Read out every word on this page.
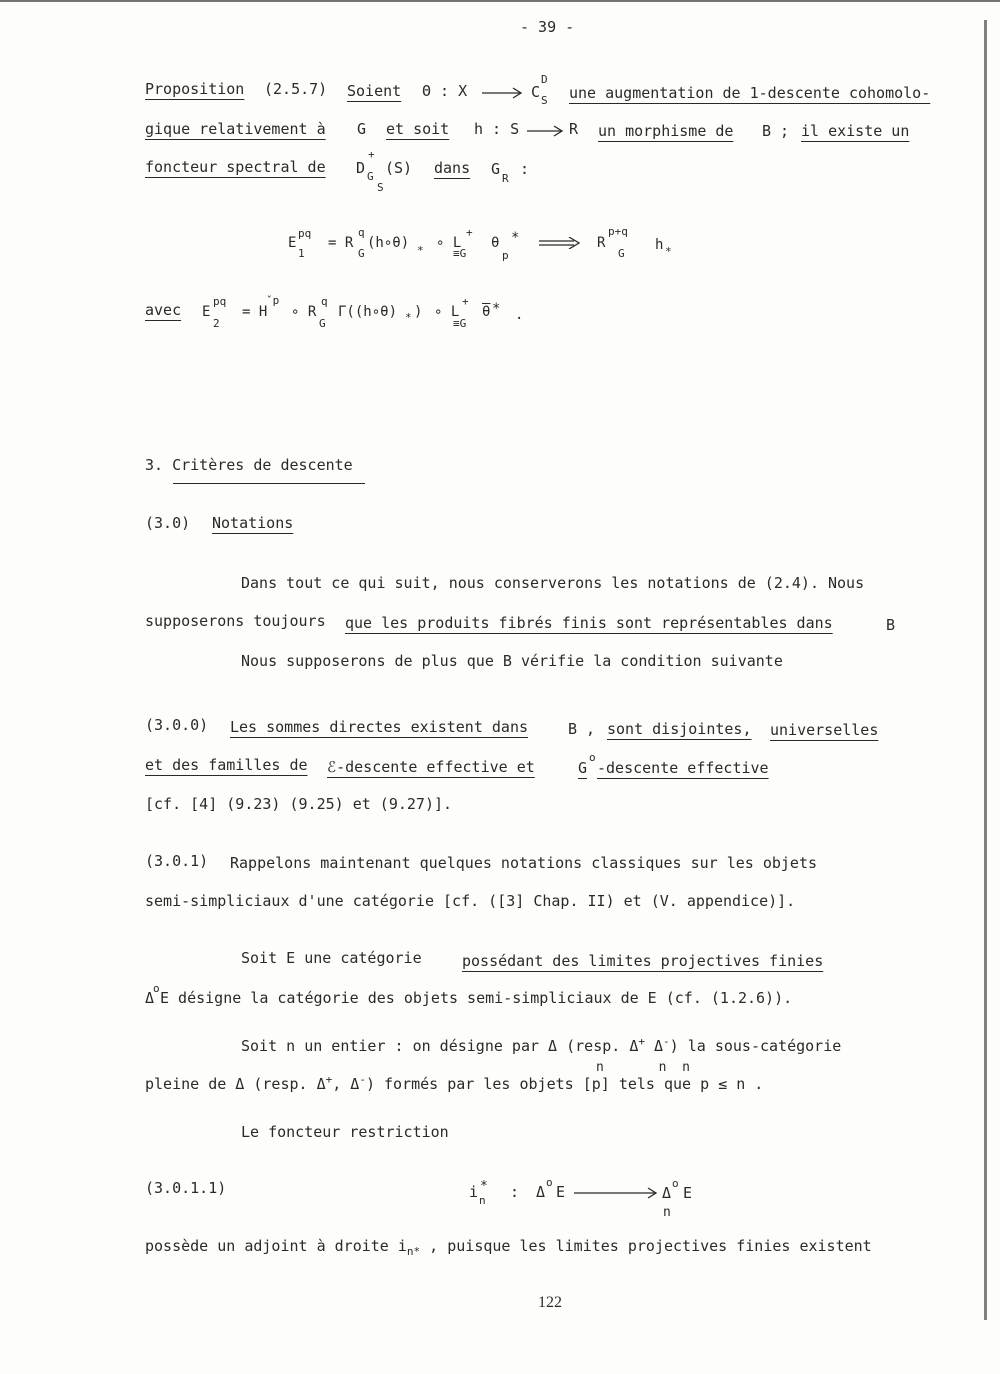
- 39 -
Proposition (2.5.7) Soient Θ : X	C
D
S une augmentation de 1-descente cohomolo-
gique relativement à G et soit h : S	R un morphisme de B ; il existe un
foncteur spectral de D
+
G
S
(S) dans G
R
:
E
pq
1
= R
q
G
(h∘θ) * ∘ L
+
≡G
θ
p
*	R
p+q
G
h *
avec E
pq
2
= H
ˇp
∘ R
q
G
Γ((h∘θ) * ) ∘ L
+
≡G
$\overline{\theta}$ * .
3. Critères de descente
(3.0) Notations
Dans tout ce qui suit, nous conserverons les notations de (2.4). Nous
supposerons toujours que les produits fibrés finis sont représentables dans	B
Nous supposerons de plus que B vérifie la condition suivante
(3.0.0) Les sommes directes existent dans	B , sont disjointes, universelles
et des familles de ℰ-descente effective et	G
o
-descente effective
[cf. [4] (9.23) (9.25) et (9.27)].
(3.0.1) Rappelons maintenant quelques notations classiques sur les objets
semi-simpliciaux d'une catégorie [cf. ([3] Chap. II) et (V. appendice)].
Soit E une catégorie	possédant des limites projectives finies
Δ
o
E désigne la catégorie des objets semi-simpliciaux de E (cf. (1.2.6)).
Soit n un entier : on désigne par Δ (resp. Δ+ Δ-) la sous-catégorie
n       n  n
pleine de Δ (resp. Δ+, Δ-) formés par les objets [p] tels que p ≤ n .
Le foncteur restriction
(3.0.1.1)	i *
n : Δ
o
E	Δ
o
E
n
possède un adjoint à droite $i_{n*}$ , puisque les limites projectives finies existent
122
